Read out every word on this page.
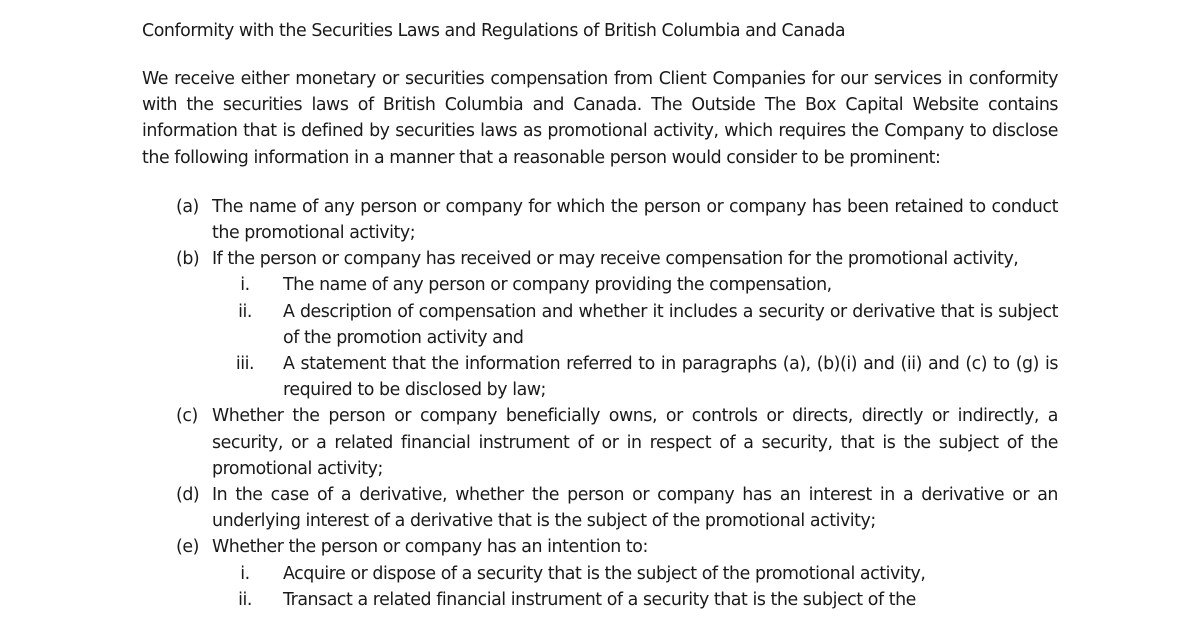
Conformity with the Securities Laws and Regulations of British Columbia and Canada

We receive either monetary or securities compensation from Client Companies for our services in conformity with the securities laws of British Columbia and Canada. The Outside The Box Capital Website contains information that is defined by securities laws as promotional activity, which requires the Company to disclose the following information in a manner that a reasonable person would consider to be prominent:

(a) The name of any person or company for which the person or company has been retained to conduct the promotional activity;
(b) If the person or company has received or may receive compensation for the promotional activity,
i.	The name of any person or company providing the compensation,
ii.	A description of compensation and whether it includes a security or derivative that is subject of the promotion activity and
iii.	A statement that the information referred to in paragraphs (a), (b)(i) and (ii) and (c) to (g) is required to be disclosed by law;
(c) Whether the person or company beneficially owns, or controls or directs, directly or indirectly, a security, or a related financial instrument of or in respect of a security, that is the subject of the promotional activity;
(d) In the case of a derivative, whether the person or company has an interest in a derivative or an underlying interest of a derivative that is the subject of the promotional activity;
(e) Whether the person or company has an intention to:
i.	Acquire or dispose of a security that is the subject of the promotional activity,
ii.	Transact a related financial instrument of a security that is the subject of the
